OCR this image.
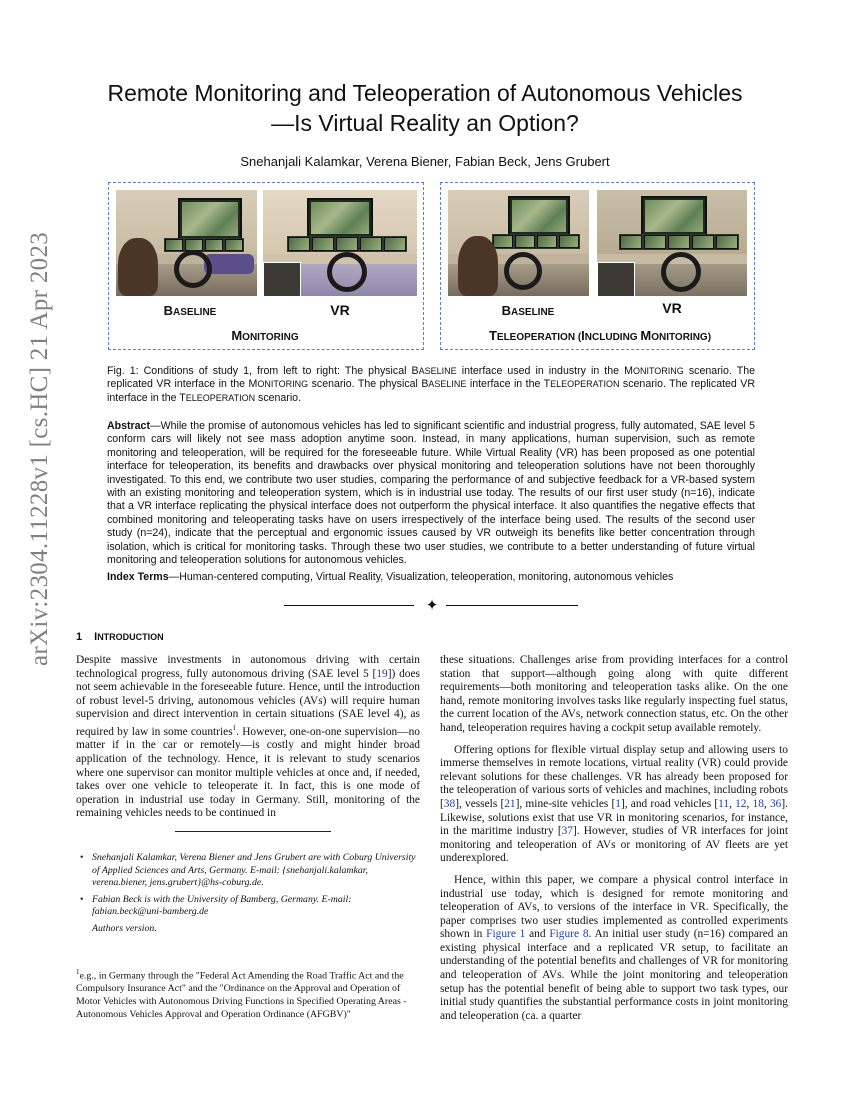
arXiv:2304.11228v1 [cs.HC] 21 Apr 2023
Remote Monitoring and Teleoperation of Autonomous Vehicles
—Is Virtual Reality an Option?
Snehanjali Kalamkar, Verena Biener, Fabian Beck, Jens Grubert
BASELINE	VR
MONITORING
BASELINE	VR
TELEOPERATION (INCLUDING MONITORING)
Fig. 1: Conditions of study 1, from left to right: The physical BASELINE interface used in industry in the MONITORING scenario. The replicated VR interface in the MONITORING scenario. The physical BASELINE interface in the TELEOPERATION scenario. The replicated VR interface in the TELEOPERATION scenario.
Abstract—While the promise of autonomous vehicles has led to significant scientific and industrial progress, fully automated, SAE level 5 conform cars will likely not see mass adoption anytime soon. Instead, in many applications, human supervision, such as remote monitoring and teleoperation, will be required for the foreseeable future. While Virtual Reality (VR) has been proposed as one potential interface for teleoperation, its benefits and drawbacks over physical monitoring and teleoperation solutions have not been thoroughly investigated. To this end, we contribute two user studies, comparing the performance of and subjective feedback for a VR-based system with an existing monitoring and teleoperation system, which is in industrial use today. The results of our first user study (n=16), indicate that a VR interface replicating the physical interface does not outperform the physical interface. It also quantifies the negative effects that combined monitoring and teleoperating tasks have on users irrespectively of the interface being used. The results of the second user study (n=24), indicate that the perceptual and ergonomic issues caused by VR outweigh its benefits like better concentration through isolation, which is critical for monitoring tasks. Through these two user studies, we contribute to a better understanding of future virtual monitoring and teleoperation solutions for autonomous vehicles.
Index Terms—Human-centered computing, Virtual Reality, Visualization, teleoperation, monitoring, autonomous vehicles
✦
1 INTRODUCTION

Despite massive investments in autonomous driving with certain technological progress, fully autonomous driving (SAE level 5 [19]) does not seem achievable in the foreseeable future. Hence, until the introduction of robust level-5 driving, autonomous vehicles (AVs) will require human supervision and direct intervention in certain situations (SAE level 4), as required by law in some countries$^1$. However, one-on-one supervision—no matter if in the car or remotely—is costly and might hinder broad application of the technology. Hence, it is relevant to study scenarios where one supervisor can monitor multiple vehicles at once and, if needed, takes over one vehicle to teleoperate it. In fact, this is one mode of operation in industrial use today in Germany. Still, monitoring of the remaining vehicles needs to be continued in

• Snehanjali Kalamkar, Verena Biener and Jens Grubert are with Coburg University of Applied Sciences and Arts, Germany. E-mail: {snehanjali.kalamkar, verena.biener, jens.grubert}@hs-coburg.de.
• Fabian Beck is with the University of Bamberg, Germany. E-mail: fabian.beck@uni-bamberg.de
Authors version.
$^1$e.g., in Germany through the "Federal Act Amending the Road Traffic Act and the Compulsory Insurance Act" and the "Ordinance on the Approval and Operation of Motor Vehicles with Autonomous Driving Functions in Specified Operating Areas - Autonomous Vehicles Approval and Operation Ordinance (AFGBV)"

these situations. Challenges arise from providing interfaces for a control station that support—although going along with quite different requirements—both monitoring and teleoperation tasks alike. On the one hand, remote monitoring involves tasks like regularly inspecting fuel status, the current location of the AVs, network connection status, etc. On the other hand, teleoperation requires having a cockpit setup available remotely.

Offering options for flexible virtual display setup and allowing users to immerse themselves in remote locations, virtual reality (VR) could provide relevant solutions for these challenges. VR has already been proposed for the teleoperation of various sorts of vehicles and machines, including robots [38], vessels [21], mine-site vehicles [1], and road vehicles [11, 12, 18, 36]. Likewise, solutions exist that use VR in monitoring scenarios, for instance, in the maritime industry [37]. However, studies of VR interfaces for joint monitoring and teleoperation of AVs or monitoring of AV fleets are yet underexplored.

Hence, within this paper, we compare a physical control interface in industrial use today, which is designed for remote monitoring and teleoperation of AVs, to versions of the interface in VR. Specifically, the paper comprises two user studies implemented as controlled experiments shown in Figure 1 and Figure 8. An initial user study (n=16) compared an existing physical interface and a replicated VR setup, to facilitate an understanding of the potential benefits and challenges of VR for monitoring and teleoperation of AVs. While the joint monitoring and teleoperation setup has the potential benefit of being able to support two task types, our initial study quantifies the substantial performance costs in joint monitoring and teleoperation (ca. a quarter
